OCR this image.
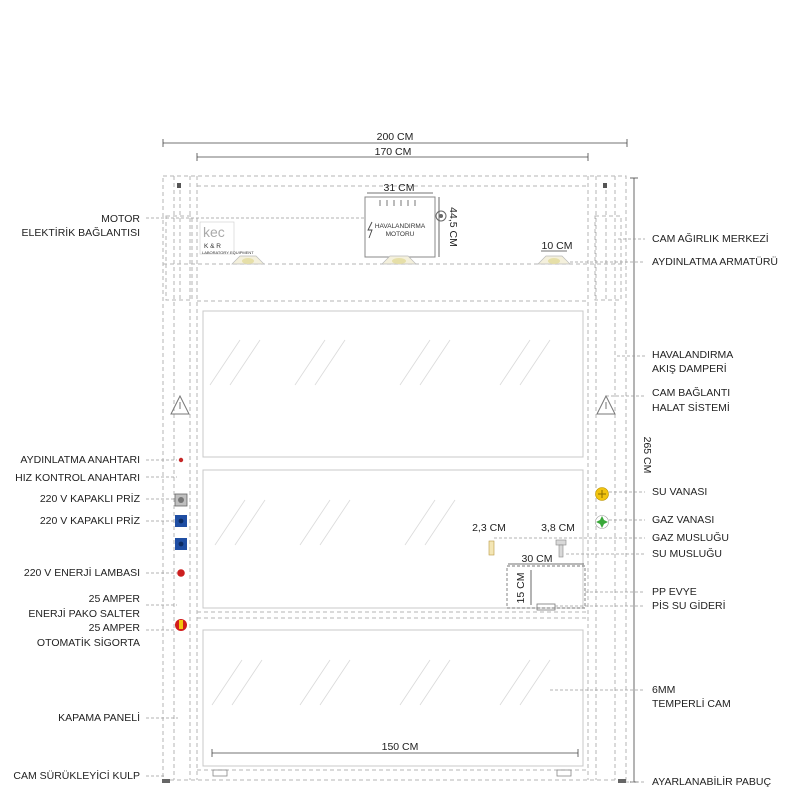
200 CM
170 CM
265 CM
kec
K & R
LABORATORY EQUIPMENT
HAVALANDIRMA
MOTORU
31 CM
44,5 CM	10 CM
150 CM
2,3 CM	3,8 CM
30 CM
15 CM
MOTOR
ELEKTİRİK BAĞLANTISI
AYDINLATMA ANAHTARI
HIZ KONTROL ANAHTARI
220 V KAPAKLI PRİZ
220 V KAPAKLI PRİZ
220 V ENERJİ LAMBASI
25 AMPER
ENERJİ PAKO SALTER
25 AMPER
OTOMATİK SİGORTA
KAPAMA PANELİ
CAM SÜRÜKLEYİCİ KULP
CAM AĞIRLIK MERKEZİ
AYDINLATMA ARMATÜRÜ
HAVALANDIRMA
AKIŞ DAMPERİ
CAM BAĞLANTI
HALAT SİSTEMİ
SU VANASI
GAZ VANASI
GAZ MUSLUĞU
SU MUSLUĞU
PP EVYE
PİS SU GİDERİ
6MM
TEMPERLİ CAM
AYARLANABİLİR PABUÇ
